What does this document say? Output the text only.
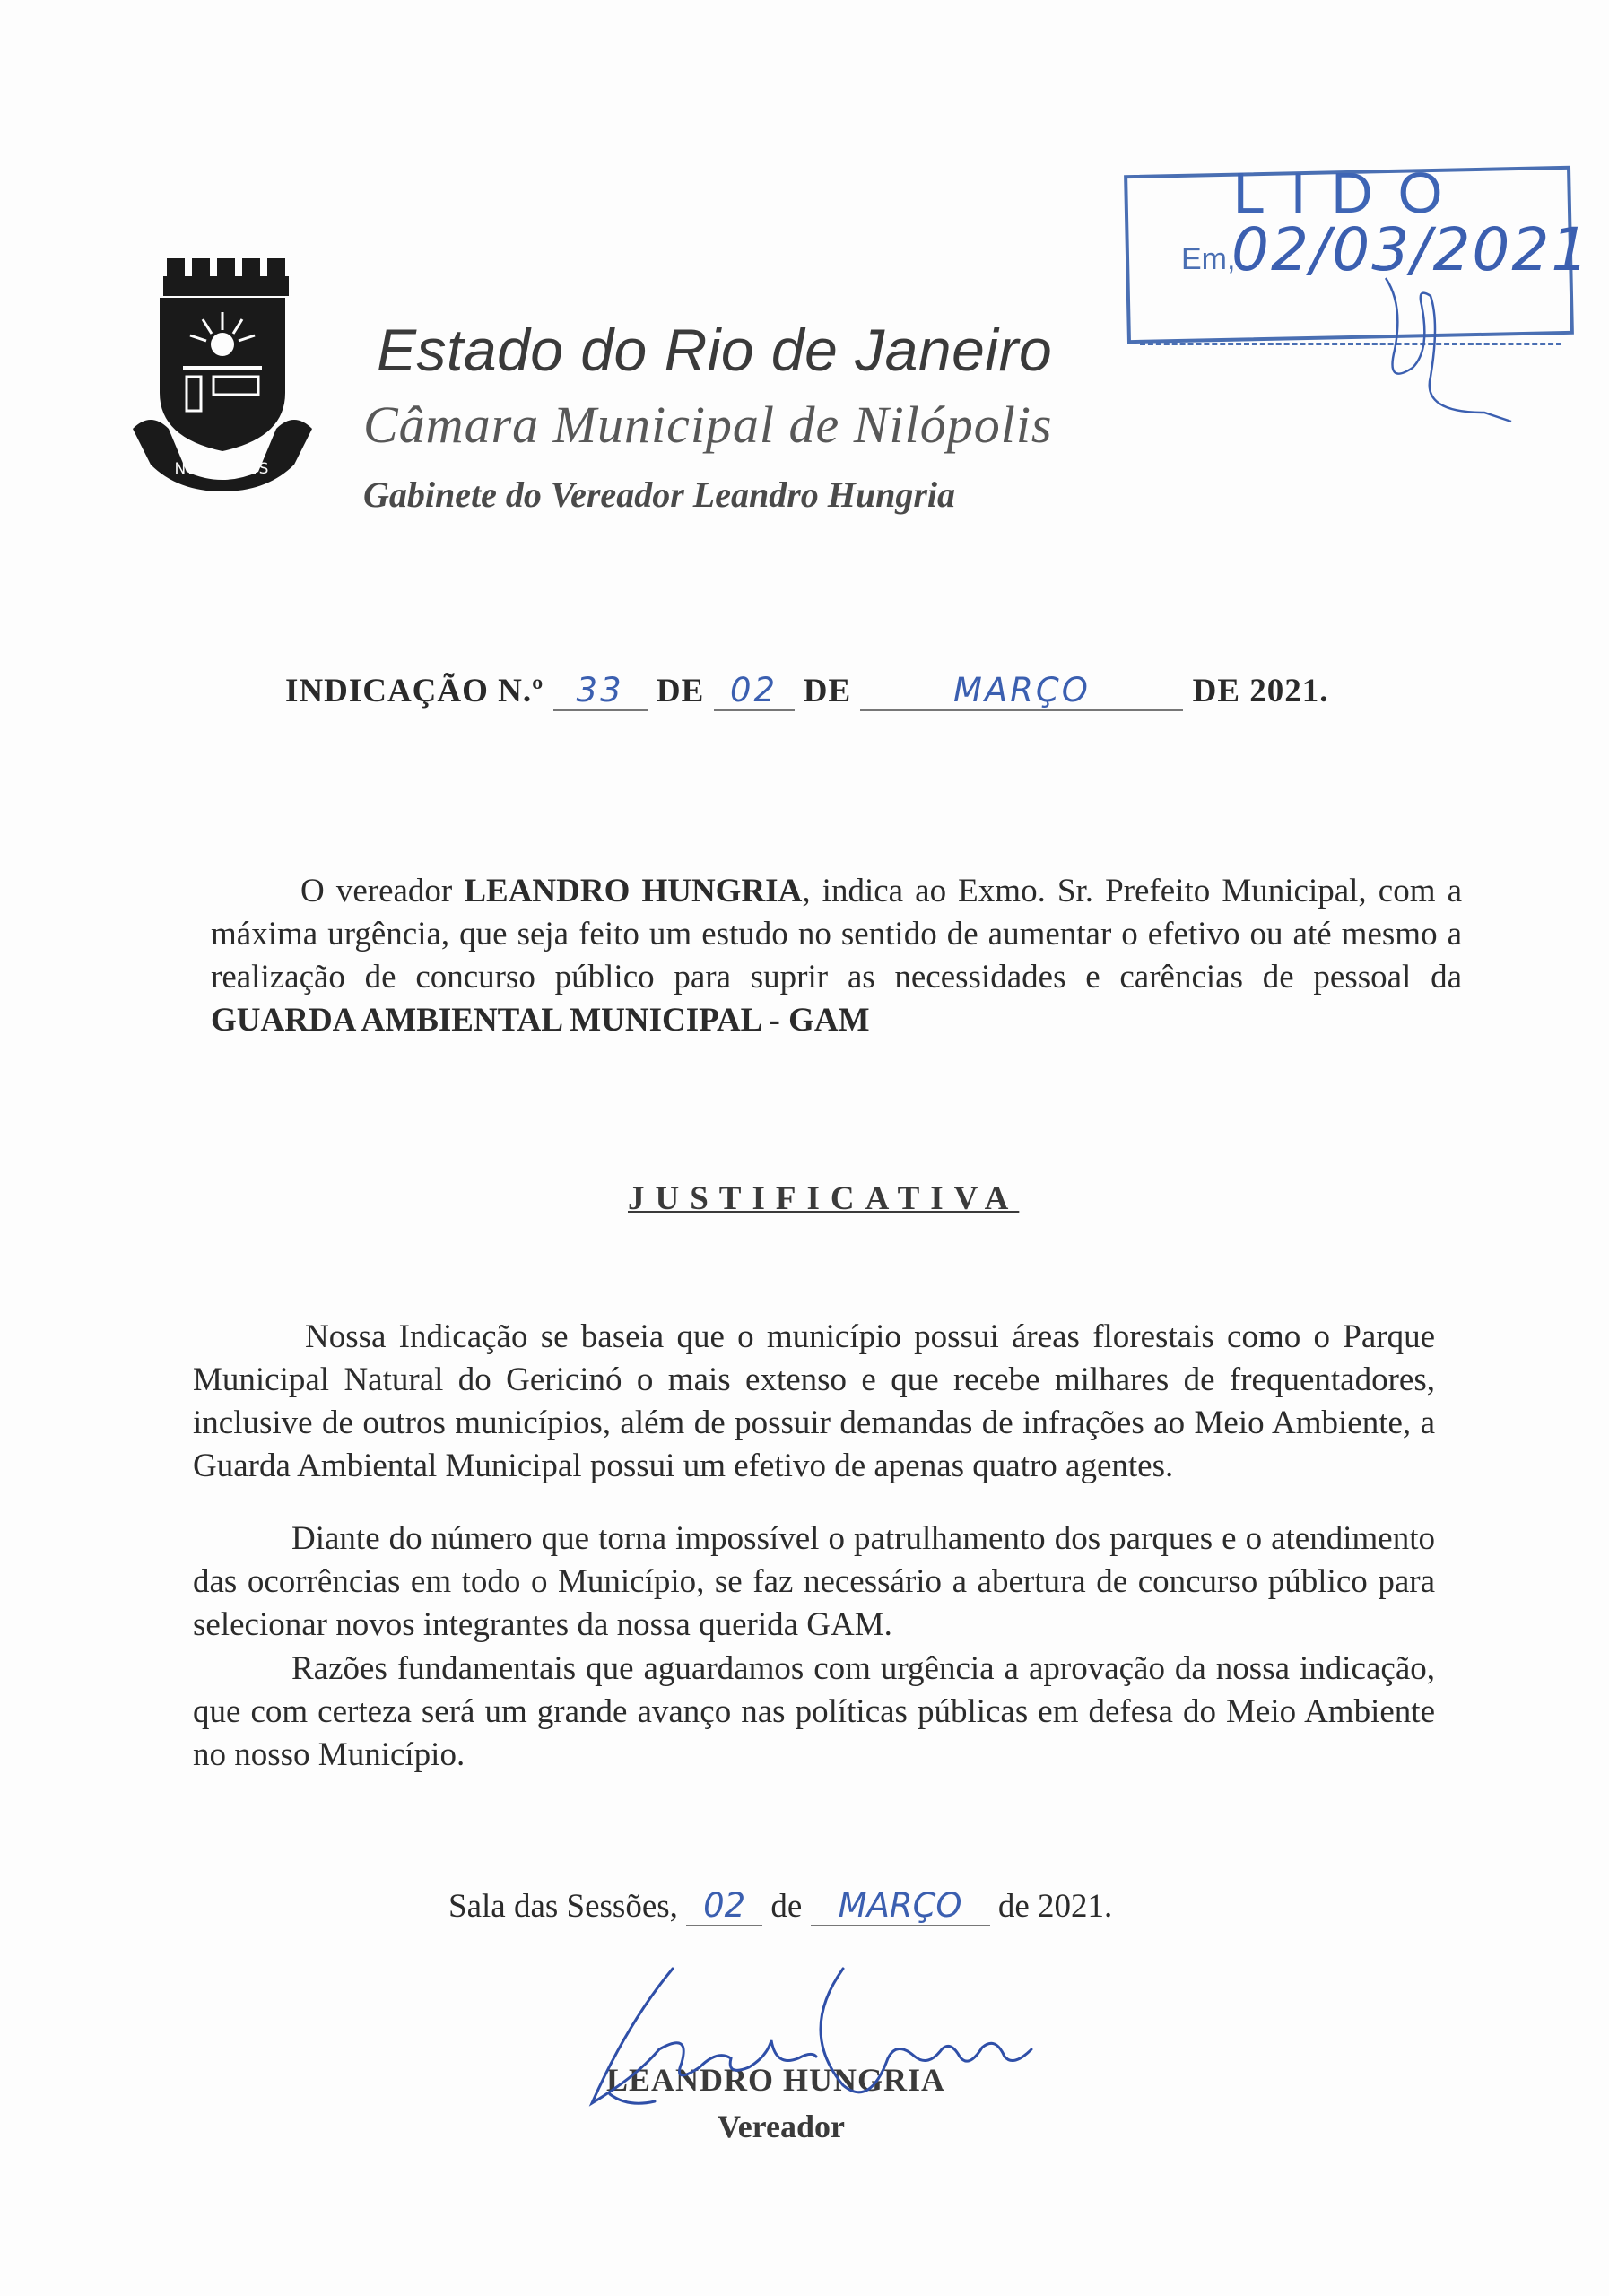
NILÓPOLIS
Estado do Rio de Janeiro
Câmara Municipal de Nilópolis
Gabinete do Vereador Leandro Hungria
LIDO
Em,
02/03/2021
INDICAÇÃO N.º 33 DE 02 DE	MARÇO	DE 2021.
O vereador LEANDRO HUNGRIA, indica ao Exmo. Sr. Prefeito Municipal, com a máxima urgência, que seja feito um estudo no sentido de aumentar o efetivo ou até mesmo a realização de concurso público para suprir as necessidades e carências de pessoal da GUARDA AMBIENTAL MUNICIPAL - GAM
JUSTIFICATIVA
Nossa Indicação se baseia que o município possui áreas florestais como o Parque Municipal Natural do Gericinó o mais extenso e que recebe milhares de frequentadores, inclusive de outros municípios, além de possuir demandas de infrações ao Meio Ambiente, a Guarda Ambiental Municipal possui um efetivo de apenas quatro agentes.
Diante do número que torna impossível o patrulhamento dos parques e o atendimento das ocorrências em todo o Município, se faz necessário a abertura de concurso público para selecionar novos integrantes da nossa querida GAM.
Razões fundamentais que aguardamos com urgência a aprovação da nossa indicação, que com certeza será um grande avanço nas políticas públicas em defesa do Meio Ambiente no nosso Município.
Sala das Sessões, 02 de MARÇO de 2021.
LEANDRO HUNGRIA
Vereador
